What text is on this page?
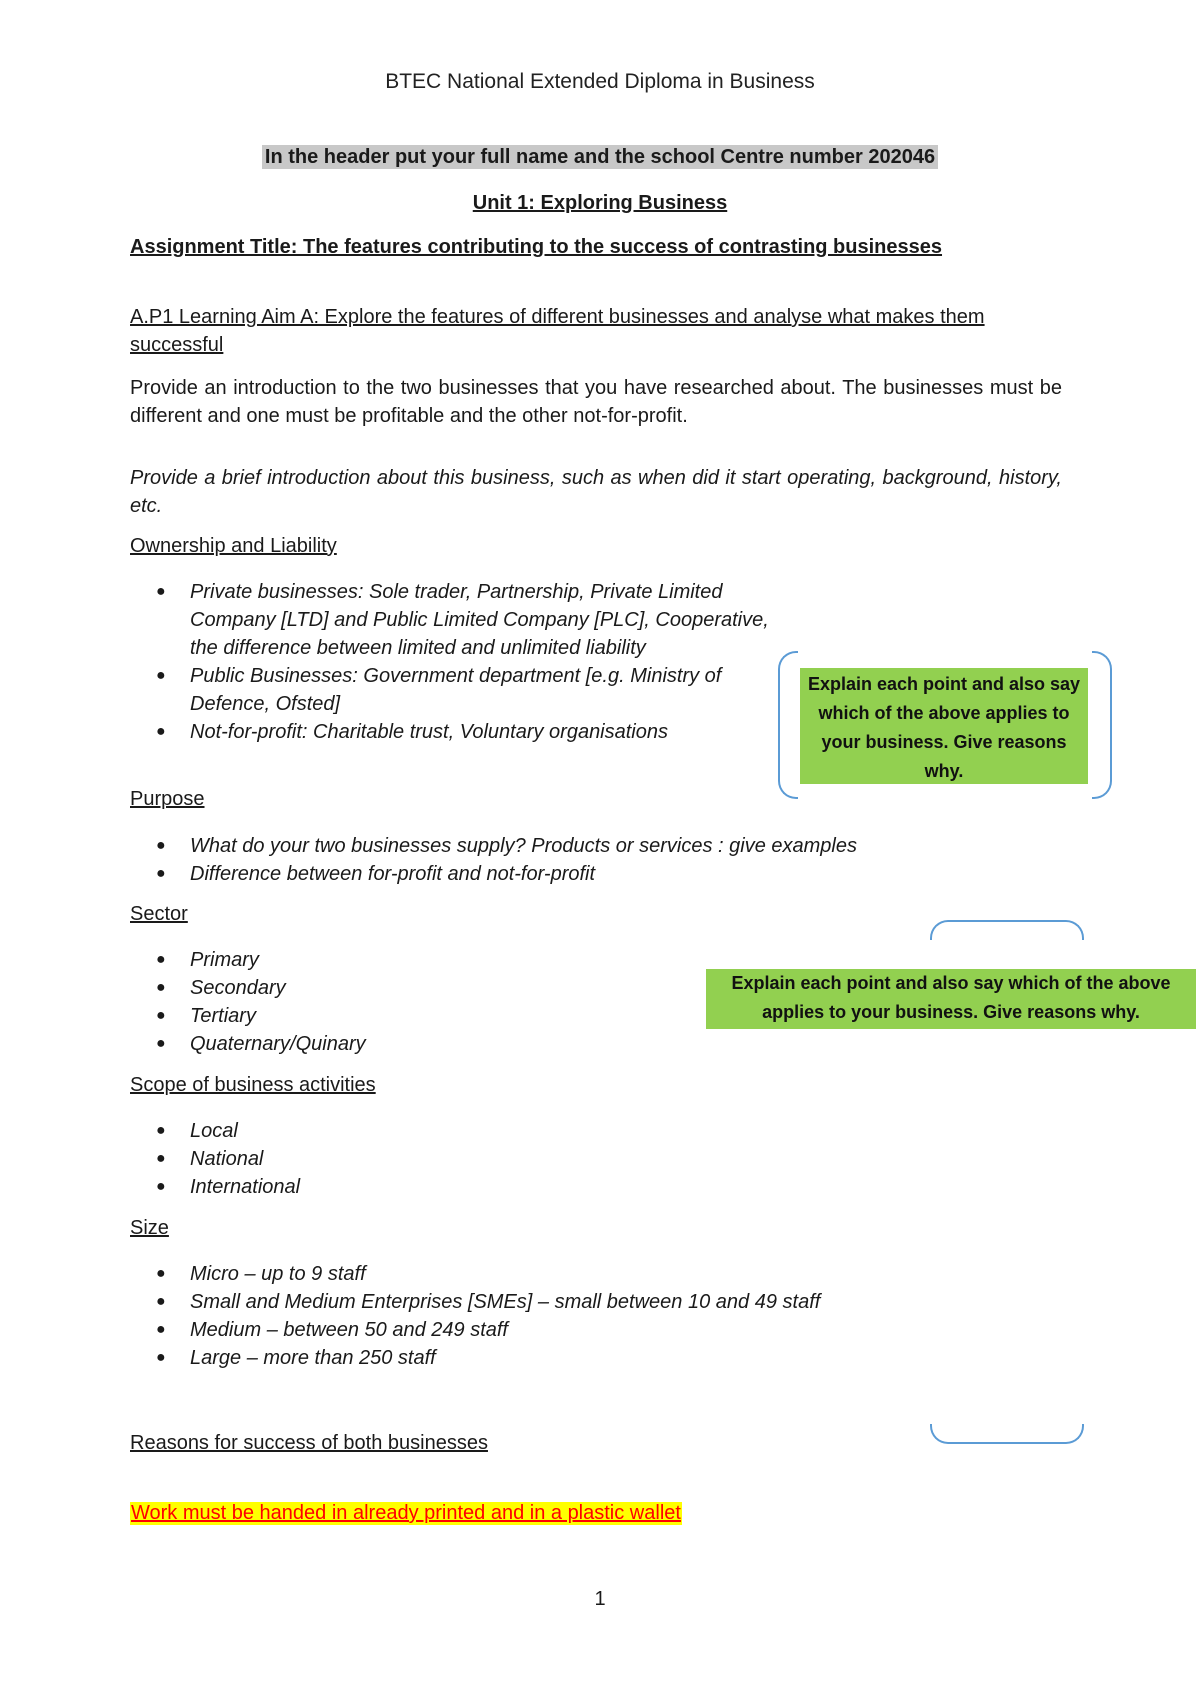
BTEC National Extended Diploma in Business
In the header put your full name and the school Centre number 202046
Unit 1: Exploring Business
Assignment Title: The features contributing to the success of contrasting businesses
A.P1 Learning Aim A: Explore the features of different businesses and analyse what makes them successful
Provide an introduction to the two businesses that you have researched about. The businesses must be different and one must be profitable and the other not-for-profit.
Provide a brief introduction about this business, such as when did it start operating, background, history, etc.
Ownership and Liability
● Private businesses: Sole trader, Partnership, Private Limited Company [LTD] and Public Limited Company [PLC], Cooperative, the difference between limited and unlimited liability
● Public Businesses: Government department [e.g. Ministry of Defence, Ofsted]
● Not-for-profit: Charitable trust, Voluntary organisations
Explain each point and also say which of the above applies to your business. Give reasons why.
Purpose
● What do your two businesses supply? Products or services : give examples
● Difference between for-profit and not-for-profit
Sector
● Primary
● Secondary
● Tertiary
● Quaternary/Quinary
Explain each point and also say which of the above applies to your business. Give reasons why.
Scope of business activities
● Local
● National
● International
Size
● Micro – up to 9 staff
● Small and Medium Enterprises [SMEs] – small between 10 and 49 staff
● Medium – between 50 and 249 staff
● Large – more than 250 staff
Reasons for success of both businesses
Work must be handed in already printed and in a plastic wallet
1
